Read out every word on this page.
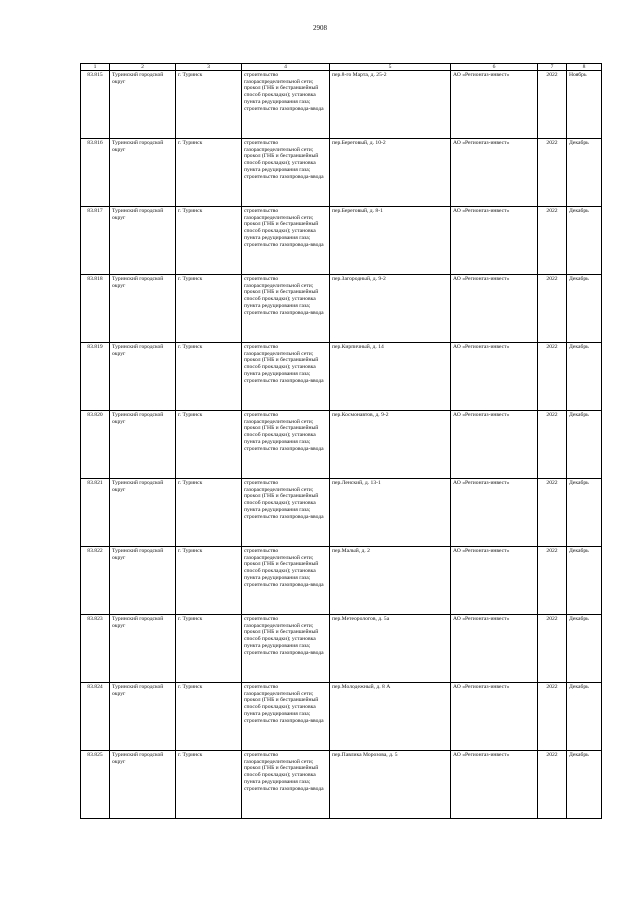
2908
1	2	3	4	5	6	7	8
83.815	Туринский городской округ	г. Туринск	строительство газораспределительной сети; прокол (ГНБ и бестраншейный способ прокладки); установка пункта редуцирования газа; строительство газопровода-ввода	пер.8-го Марта, д. 25-2	АО «Регионгаз-инвест»	2022	Ноябрь
83.816	Туринский городской округ	г. Туринск	строительство газораспределительной сети; прокол (ГНБ и бестраншейный способ прокладки); установка пункта редуцирования газа; строительство газопровода-ввода	пер.Береговый, д. 10-2	АО «Регионгаз-инвест»	2022	Декабрь
83.817	Туринский городской округ	г. Туринск	строительство газораспределительной сети; прокол (ГНБ и бестраншейный способ прокладки); установка пункта редуцирования газа; строительство газопровода-ввода	пер.Береговый, д. 8-1	АО «Регионгаз-инвест»	2022	Декабрь
83.818	Туринский городской округ	г. Туринск	строительство газораспределительной сети; прокол (ГНБ и бестраншейный способ прокладки); установка пункта редуцирования газа; строительство газопровода-ввода	пер.Загородный, д. 9-2	АО «Регионгаз-инвест»	2022	Декабрь
83.819	Туринский городской округ	г. Туринск	строительство газораспределительной сети; прокол (ГНБ и бестраншейный способ прокладки); установка пункта редуцирования газа; строительство газопровода-ввода	пер.Кирпичный, д. 14	АО «Регионгаз-инвест»	2022	Декабрь
83.820	Туринский городской округ	г. Туринск	строительство газораспределительной сети; прокол (ГНБ и бестраншейный способ прокладки); установка пункта редуцирования газа; строительство газопровода-ввода	пер.Космонавтов, д. 9-2	АО «Регионгаз-инвест»	2022	Декабрь
83.821	Туринский городской округ	г. Туринск	строительство газораспределительной сети; прокол (ГНБ и бестраншейный способ прокладки); установка пункта редуцирования газа; строительство газопровода-ввода	пер.Ленский, д. 13-1	АО «Регионгаз-инвест»	2022	Декабрь
83.822	Туринский городской округ	г. Туринск	строительство газораспределительной сети; прокол (ГНБ и бестраншейный способ прокладки); установка пункта редуцирования газа; строительство газопровода-ввода	пер.Малый, д. 2	АО «Регионгаз-инвест»	2022	Декабрь
83.823	Туринский городской округ	г. Туринск	строительство газораспределительной сети; прокол (ГНБ и бестраншейный способ прокладки); установка пункта редуцирования газа; строительство газопровода-ввода	пер.Метеорологов, д. 5а	АО «Регионгаз-инвест»	2022	Декабрь
83.824	Туринский городской округ	г. Туринск	строительство газораспределительной сети; прокол (ГНБ и бестраншейный способ прокладки); установка пункта редуцирования газа; строительство газопровода-ввода	пер.Молодежный, д. 8 А	АО «Регионгаз-инвест»	2022	Декабрь
83.825	Туринский городской округ	г. Туринск	строительство газораспределительной сети; прокол (ГНБ и бестраншейный способ прокладки); установка пункта редуцирования газа; строительство газопровода-ввода	пер.Павлика Морозова, д. 5	АО «Регионгаз-инвест»	2022	Декабрь
